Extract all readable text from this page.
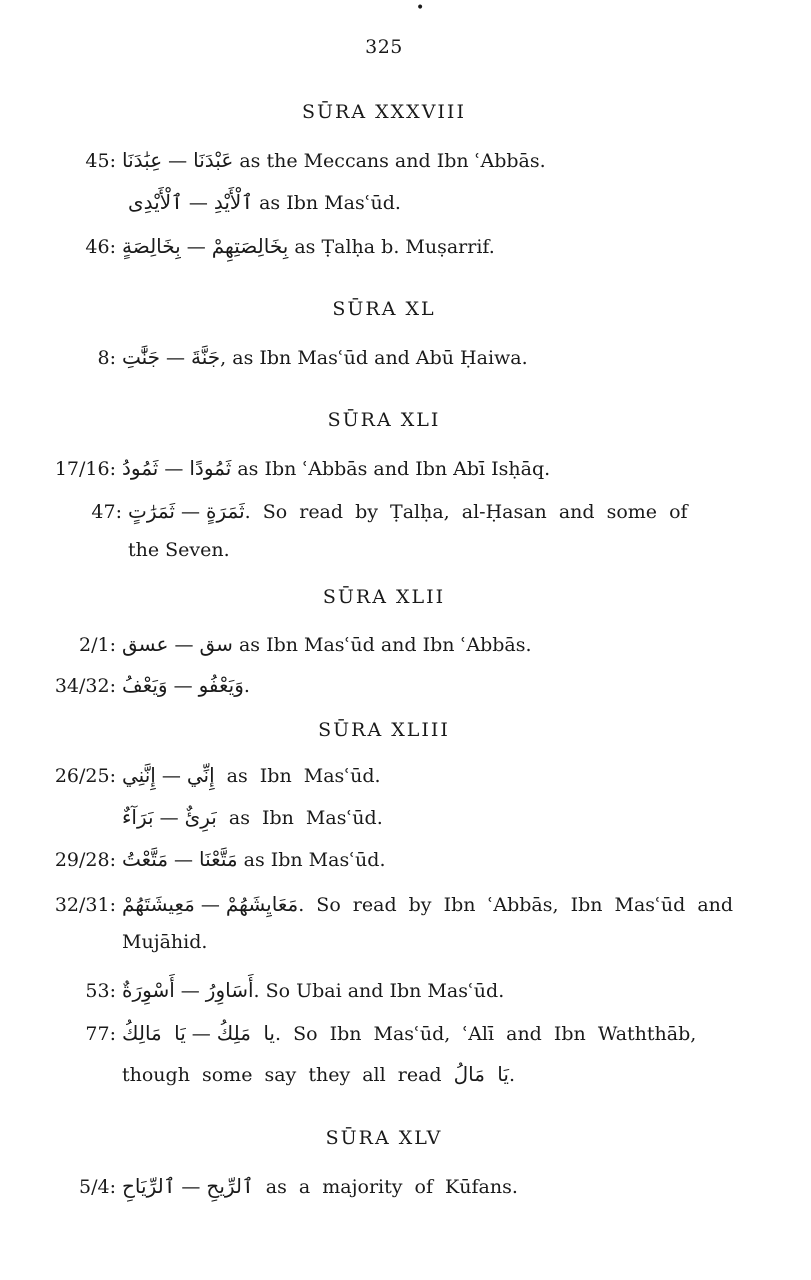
•
325
SŪRA XXXVIII
45: عِبَٰدَنَا — عَبْدَنَا as the Meccans and Ibn ʿAbbās.
ٱلْأَيْدِى — ٱلْأَيْدِ as Ibn Masʿūd.
46: بِخَالِصَةٍ — بِخَالِصَتِهِمْ as Ṭalḥa b. Muṣarrif.
SŪRA XL
8: جَنَّٰتِ — جَنَّةَ, as Ibn Masʿūd and Abū Ḥaiwa.
SŪRA XLI
17/16: ثَمُودُ — ثَمُودًا as Ibn ʿAbbās and Ibn Abī Isḥāq.
47: ثَمَرَٰتٍ — ثَمَرَةٍ. So read by Ṭalḥa, al-Ḥasan and some of
the Seven.
SŪRA XLII
2/1: عسق — سق as Ibn Masʿūd and Ibn ʿAbbās.
34/32: وَيَعْفُ — وَيَعْفُو.
SŪRA XLIII
26/25: إِنَّنِي — إِنِّي as Ibn Masʿūd.
بَرَآءٌ — بَرِئٌ as Ibn Masʿūd.
29/28: مَتَّعْتُ — مَتَّعْنَا as Ibn Masʿūd.
32/31: مَعِيشَتَهُمْ — مَعَايِشَهُمْ. So read by Ibn ʿAbbās, Ibn Masʿūd and
Mujāhid.
53: أَسْوِرَةٌ — أَسَاوِرُ. So Ubai and Ibn Masʿūd.
77: يَا مَالِكُ — يا مَلِكُ. So Ibn Masʿūd, ʿAlī and Ibn Waththāb,
though some say they all read يَا مَالُ.
SŪRA XLV
5/4: ٱلرِّيَاحِ — ٱلرِّيحِ as a majority of Kūfans.
